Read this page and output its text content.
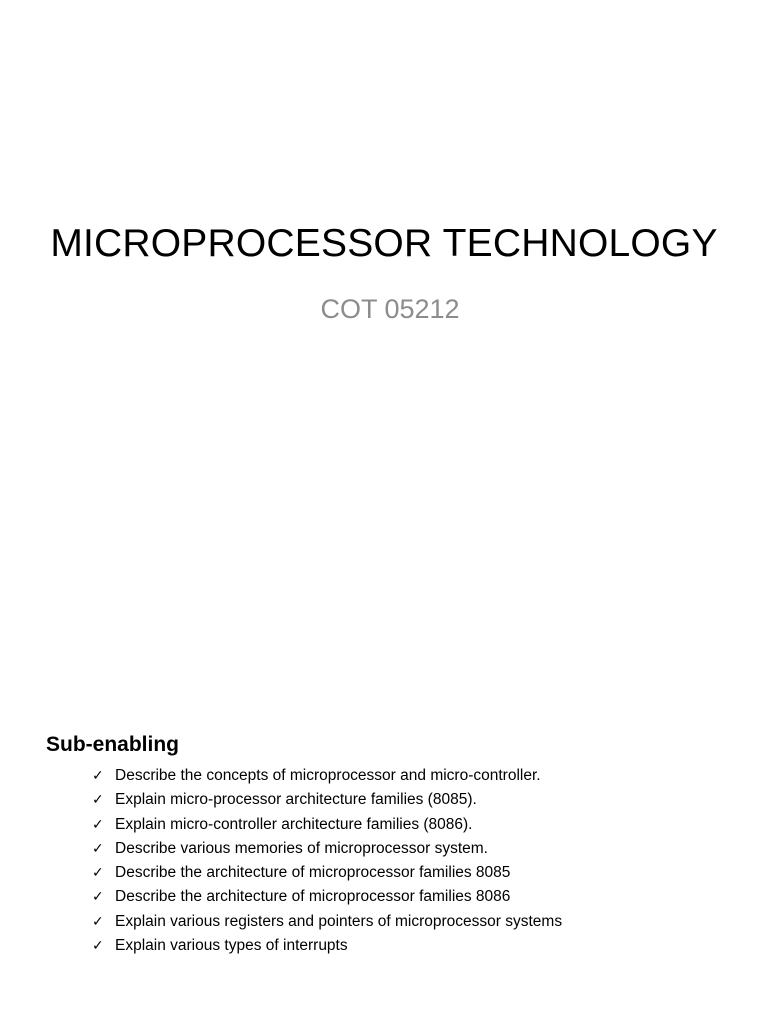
MICROPROCESSOR TECHNOLOGY
COT 05212
Sub-enabling
✓ Describe the concepts of microprocessor and micro-controller.
✓ Explain micro-processor architecture families (8085).
✓ Explain micro-controller architecture families (8086).
✓ Describe various memories of microprocessor system.
✓ Describe the architecture of microprocessor families 8085
✓ Describe the architecture of microprocessor families 8086
✓ Explain various registers and pointers of microprocessor systems
✓ Explain various types of interrupts
